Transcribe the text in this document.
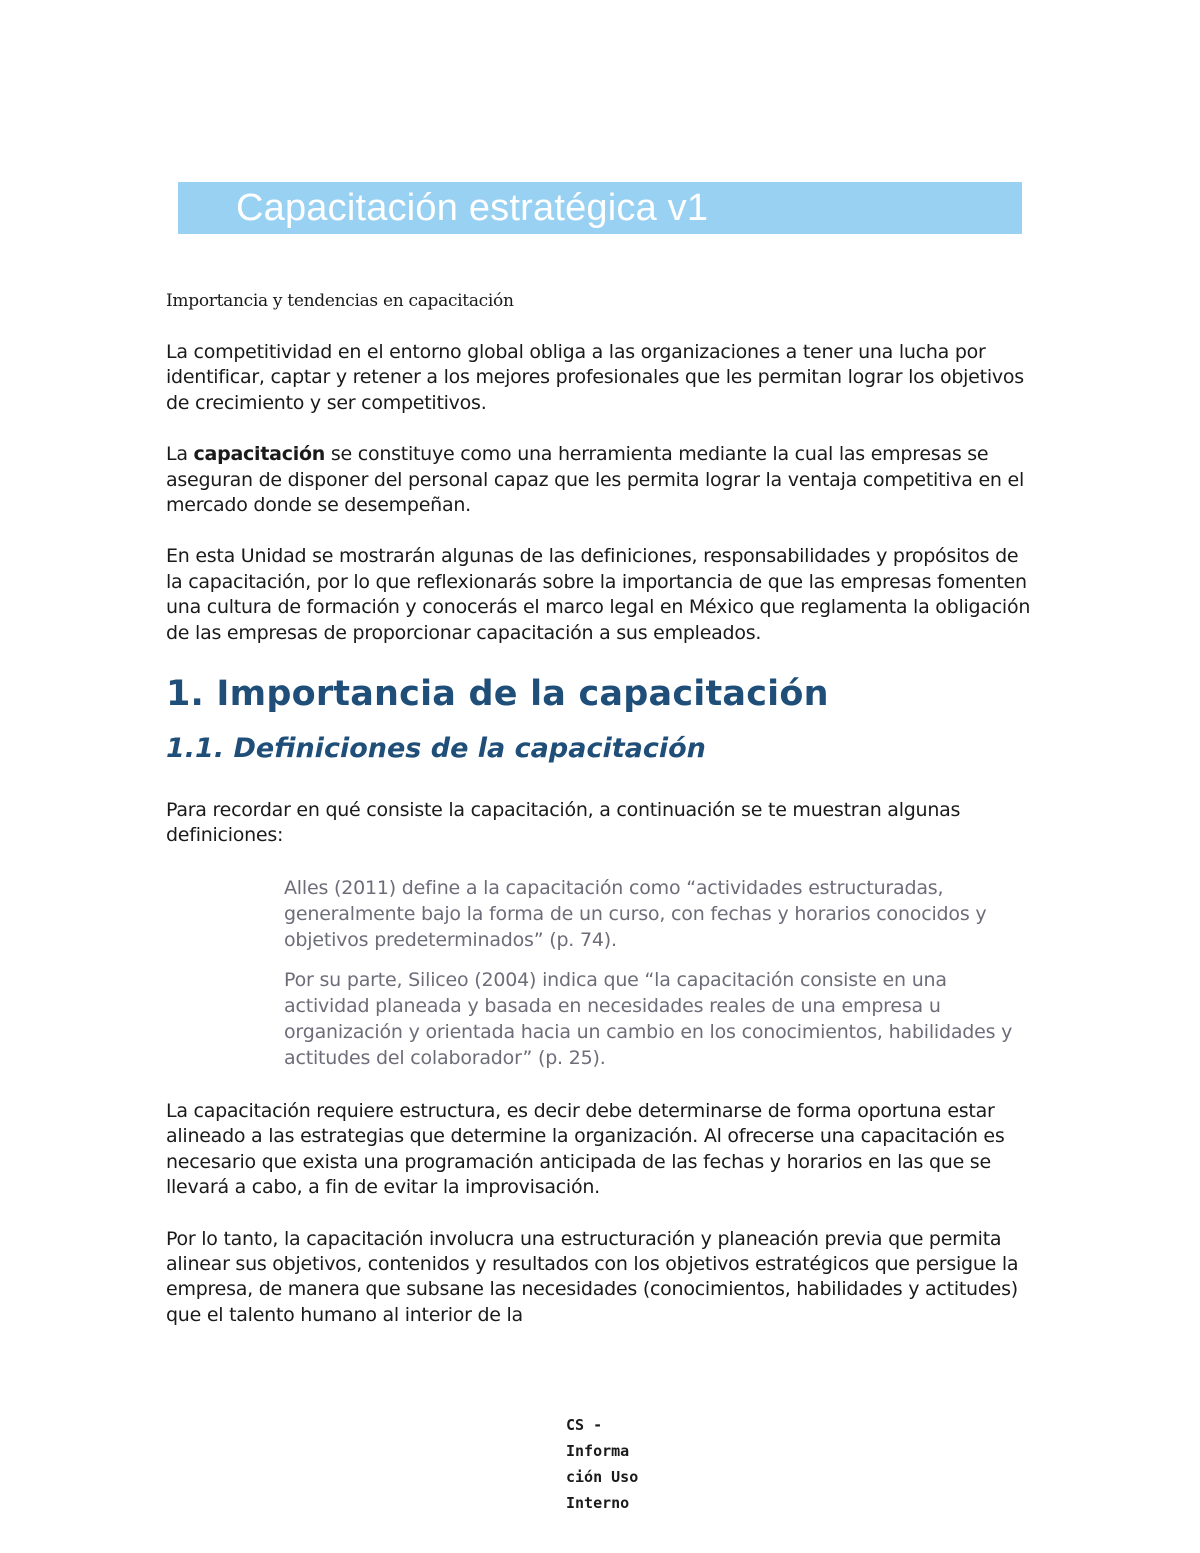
Capacitación estratégica v1
Importancia y tendencias en capacitación

La competitividad en el entorno global obliga a las organizaciones a tener una lucha por identificar, captar y retener a los mejores profesionales que les permitan lograr los objetivos de crecimiento y ser competitivos.

La capacitación se constituye como una herramienta mediante la cual las empresas se aseguran de disponer del personal capaz que les permita lograr la ventaja competitiva en el mercado donde se desempeñan.

En esta Unidad se mostrarán algunas de las definiciones, responsabilidades y propósitos de la capacitación, por lo que reflexionarás sobre la importancia de que las empresas fomenten una cultura de formación y conocerás el marco legal en México que reglamenta la obligación de las empresas de proporcionar capacitación a sus empleados.

1. Importancia de la capacitación
1.1. Definiciones de la capacitación

Para recordar en qué consiste la capacitación, a continuación se te muestran algunas definiciones:

Alles (2011) define a la capacitación como “actividades estructuradas, generalmente bajo la forma de un curso, con fechas y horarios conocidos y objetivos predeterminados” (p. 74).
Por su parte, Siliceo (2004) indica que “la capacitación consiste en una actividad planeada y basada en necesidades reales de una empresa u organización y orientada hacia un cambio en los conocimientos, habilidades y actitudes del colaborador” (p. 25).

La capacitación requiere estructura, es decir debe determinarse de forma oportuna estar alineado a las estrategias que determine la organización. Al ofrecerse una capacitación es necesario que exista una programación anticipada de las fechas y horarios en las que se llevará a cabo, a fin de evitar la improvisación.

Por lo tanto, la capacitación involucra una estructuración y planeación previa que permita alinear sus objetivos, contenidos y resultados con los objetivos estratégicos que persigue la empresa, de manera que subsane las necesidades (conocimientos, habilidades y actitudes) que el talento humano al interior de la

CS -
Informa
ción Uso
Interno
